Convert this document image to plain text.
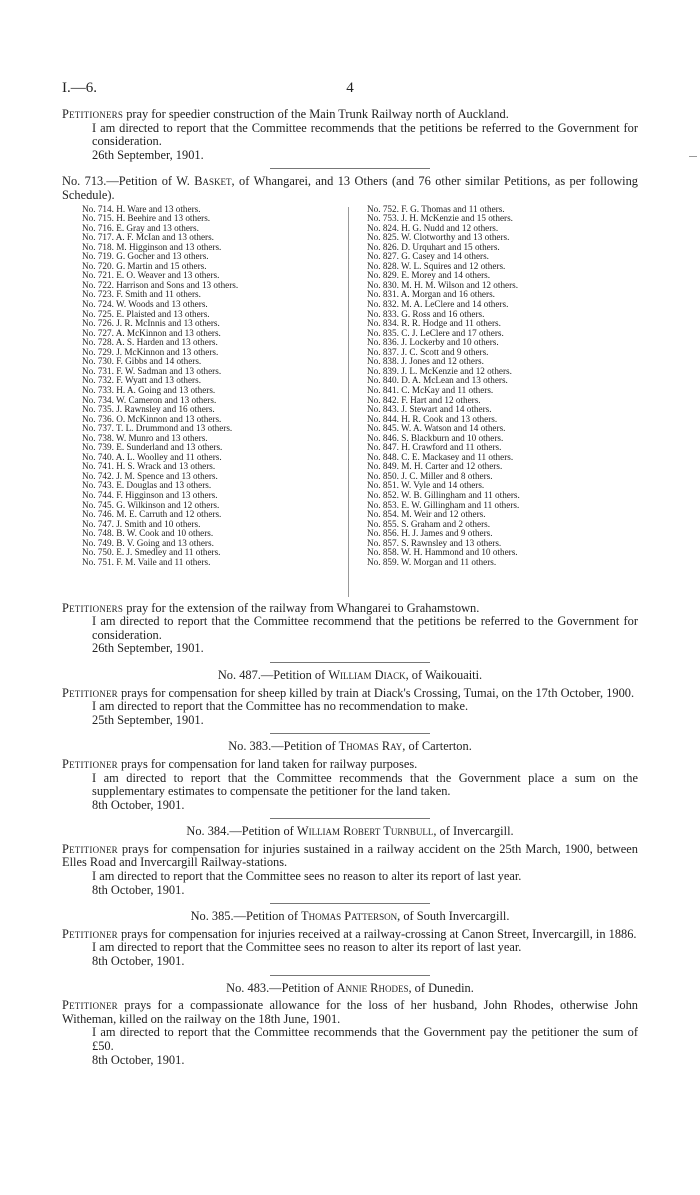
I.—6.	4

Petitioners pray for speedier construction of the Main Trunk Railway north of Auckland.

I am directed to report that the Committee recommends that the petitions be referred to the Government for consideration.

26th September, 1901.

No. 713.—Petition of W. Basket, of Whangarei, and 13 Others (and 76 other similar Petitions, as per following Schedule).

No. 714. H. Ware and 13 others.
No. 715. H. Beehire and 13 others.
No. 716. E. Gray and 13 others.
No. 717. A. F. McIan and 13 others.
No. 718. M. Higginson and 13 others.
No. 719. G. Gocher and 13 others.
No. 720. G. Martin and 15 others.
No. 721. E. O. Weaver and 13 others.
No. 722. Harrison and Sons and 13 others.
No. 723. F. Smith and 11 others.
No. 724. W. Woods and 13 others.
No. 725. E. Plaisted and 13 others.
No. 726. J. R. McInnis and 13 others.
No. 727. A. McKinnon and 13 others.
No. 728. A. S. Harden and 13 others.
No. 729. J. McKinnon and 13 others.
No. 730. F. Gibbs and 14 others.
No. 731. F. W. Sadman and 13 others.
No. 732. F. Wyatt and 13 others.
No. 733. H. A. Going and 13 others.
No. 734. W. Cameron and 13 others.
No. 735. J. Rawnsley and 16 others.
No. 736. O. McKinnon and 13 others.
No. 737. T. L. Drummond and 13 others.
No. 738. W. Munro and 13 others.
No. 739. E. Sunderland and 13 others.
No. 740. A. L. Woolley and 11 others.
No. 741. H. S. Wrack and 13 others.
No. 742. J. M. Spence and 13 others.
No. 743. E. Douglas and 13 others.
No. 744. F. Higginson and 13 others.
No. 745. G. Wilkinson and 12 others.
No. 746. M. E. Carruth and 12 others.
No. 747. J. Smith and 10 others.
No. 748. B. W. Cook and 10 others.
No. 749. B. V. Going and 13 others.
No. 750. E. J. Smedley and 11 others.
No. 751. F. M. Vaile and 11 others.
No. 752. F. G. Thomas and 11 others.
No. 753. J. H. McKenzie and 15 others.
No. 824. H. G. Nudd and 12 others.
No. 825. W. Clotworthy and 13 others.
No. 826. D. Urquhart and 15 others.
No. 827. G. Casey and 14 others.
No. 828. W. L. Squires and 12 others.
No. 829. E. Morey and 14 others.
No. 830. M. H. M. Wilson and 12 others.
No. 831. A. Morgan and 16 others.
No. 832. M. A. LeClere and 14 others.
No. 833. G. Ross and 16 others.
No. 834. R. R. Hodge and 11 others.
No. 835. C. J. LeClere and 17 others.
No. 836. J. Lockerby and 10 others.
No. 837. J. C. Scott and 9 others.
No. 838. J. Jones and 12 others.
No. 839. J. L. McKenzie and 12 others.
No. 840. D. A. McLean and 13 others.
No. 841. C. McKay and 11 others.
No. 842. F. Hart and 12 others.
No. 843. J. Stewart and 14 others.
No. 844. H. R. Cook and 13 others.
No. 845. W. A. Watson and 14 others.
No. 846. S. Blackburn and 10 others.
No. 847. H. Crawford and 11 others.
No. 848. C. E. Mackasey and 11 others.
No. 849. M. H. Carter and 12 others.
No. 850. J. C. Miller and 8 others.
No. 851. W. Vyle and 14 others.
No. 852. W. B. Gillingham and 11 others.
No. 853. E. W. Gillingham and 11 others.
No. 854. M. Weir and 12 others.
No. 855. S. Graham and 2 others.
No. 856. H. J. James and 9 others.
No. 857. S. Rawnsley and 13 others.
No. 858. W. H. Hammond and 10 others.
No. 859. W. Morgan and 11 others.

Petitioners pray for the extension of the railway from Whangarei to Grahamstown.

I am directed to report that the Committee recommend that the petitions be referred to the Government for consideration.

26th September, 1901.

No. 487.—Petition of William Diack, of Waikouaiti.

Petitioner prays for compensation for sheep killed by train at Diack's Crossing, Tumai, on the 17th October, 1900.

I am directed to report that the Committee has no recommendation to make.

25th September, 1901.

No. 383.—Petition of Thomas Ray, of Carterton.

Petitioner prays for compensation for land taken for railway purposes.

I am directed to report that the Committee recommends that the Government place a sum on the supplementary estimates to compensate the petitioner for the land taken.

8th October, 1901.

No. 384.—Petition of William Robert Turnbull, of Invercargill.

Petitioner prays for compensation for injuries sustained in a railway accident on the 25th March, 1900, between Elles Road and Invercargill Railway-stations.

I am directed to report that the Committee sees no reason to alter its report of last year.

8th October, 1901.

No. 385.—Petition of Thomas Patterson, of South Invercargill.

Petitioner prays for compensation for injuries received at a railway-crossing at Canon Street, Invercargill, in 1886.

I am directed to report that the Committee sees no reason to alter its report of last year.

8th October, 1901.

No. 483.—Petition of Annie Rhodes, of Dunedin.

Petitioner prays for a compassionate allowance for the loss of her husband, John Rhodes, otherwise John Witheman, killed on the railway on the 18th June, 1901.

I am directed to report that the Committee recommends that the Government pay the petitioner the sum of £50.

8th October, 1901.
